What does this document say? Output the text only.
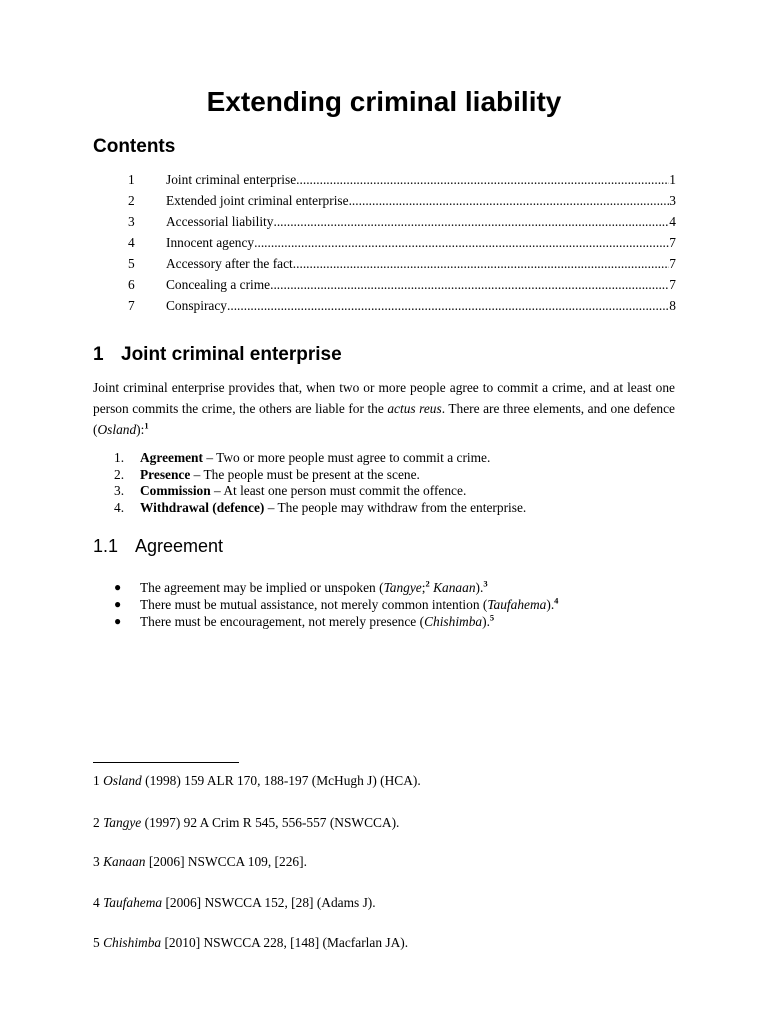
Extending criminal liability
Contents
1	Joint criminal enterprise .....	1
2	Extended joint criminal enterprise .....	3
3	Accessorial liability .....	4
4	Innocent agency .....	7
5	Accessory after the fact .....	7
6	Concealing a crime .....	7
7	Conspiracy .....	8
1 Joint criminal enterprise

Joint criminal enterprise provides that, when two or more people agree to commit a crime, and at least one person commits the crime, the others are liable for the actus reus. There are three elements, and one defence (Osland):$^1$

1.	Agreement – Two or more people must agree to commit a crime.
2.	Presence – The people must be present at the scene.
3.	Commission – At least one person must commit the offence.
4.	Withdrawal (defence) – The people may withdraw from the enterprise.
1.1 Agreement
●	The agreement may be implied or unspoken (Tangye;$^2$ Kanaan).$^3$
●	There must be mutual assistance, not merely common intention (Taufahema).$^4$
●	There must be encouragement, not merely presence (Chishimba).$^5$

1 Osland (1998) 159 ALR 170, 188-197 (McHugh J) (HCA).

2 Tangye (1997) 92 A Crim R 545, 556-557 (NSWCCA).

3 Kanaan [2006] NSWCCA 109, [226].

4 Taufahema [2006] NSWCCA 152, [28] (Adams J).

5 Chishimba [2010] NSWCCA 228, [148] (Macfarlan JA).
